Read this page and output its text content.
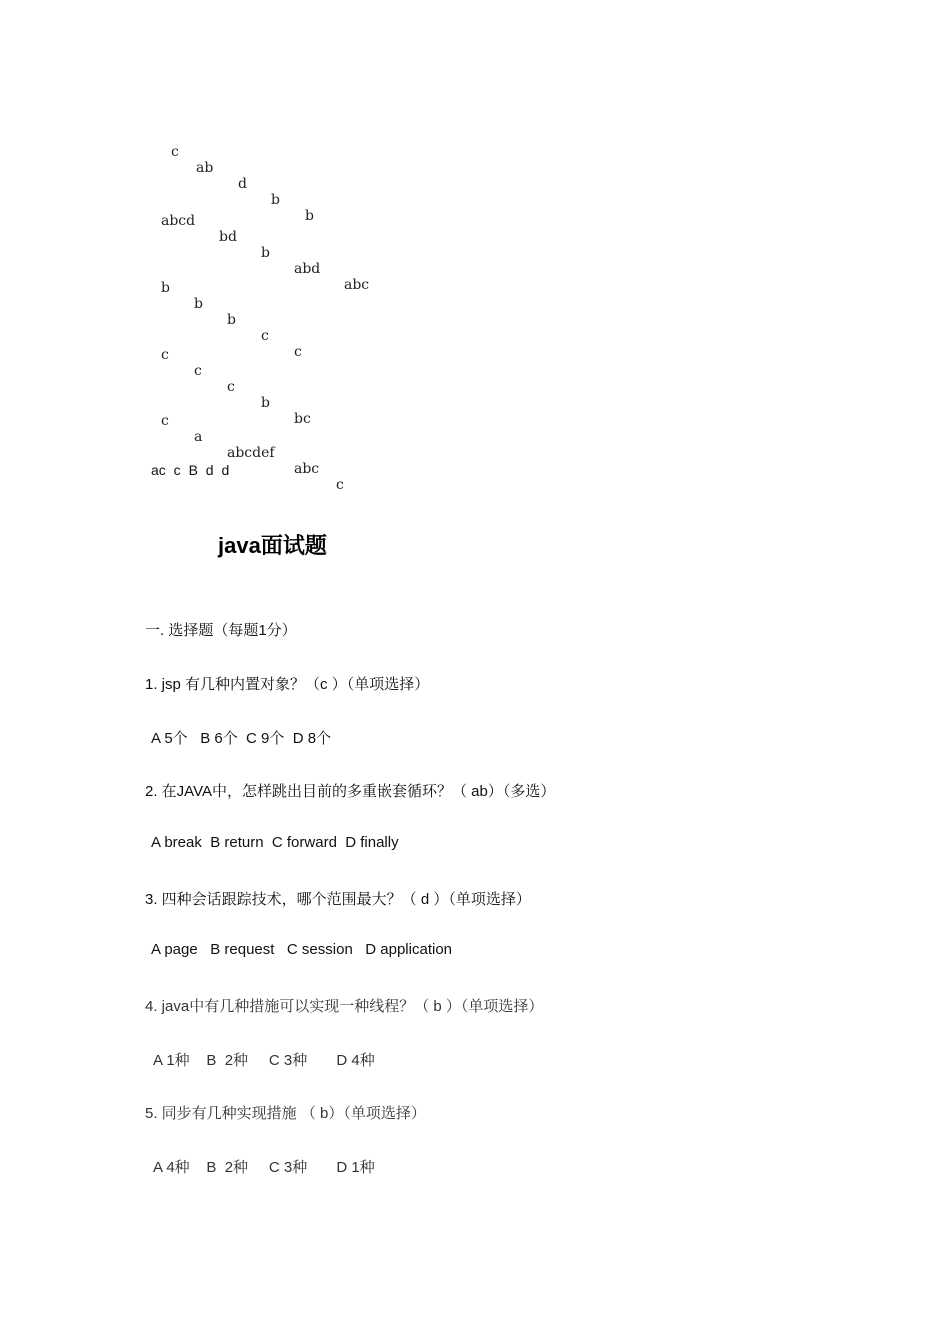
c

ab

d

b

b

abcd

bd

b

abd

abc

b

b

b

c

c

c

c

c

b

bc

c

a

abcdef

abc

c

ac c B d d
java面试题
一. 选择题（每题1分）
1. jsp 有几种内置对象？（c ）（单项选择）
A 5个   B 6个  C 9个  D 8个
2. 在JAVA中，怎样跳出目前的多重嵌套循环？（ ab）（多选）
A break  B return  C forward  D finally
3. 四种会话跟踪技术，哪个范围最大？（ d ）（单项选择）
A page   B request   C session   D application
4. java中有几种措施可以实现一种线程？（ b ）（单项选择）
A 1种    B  2种     C 3种       D 4种
5. 同步有几种实现措施 （ b）（单项选择）
A 4种    B  2种     C 3种       D 1种
